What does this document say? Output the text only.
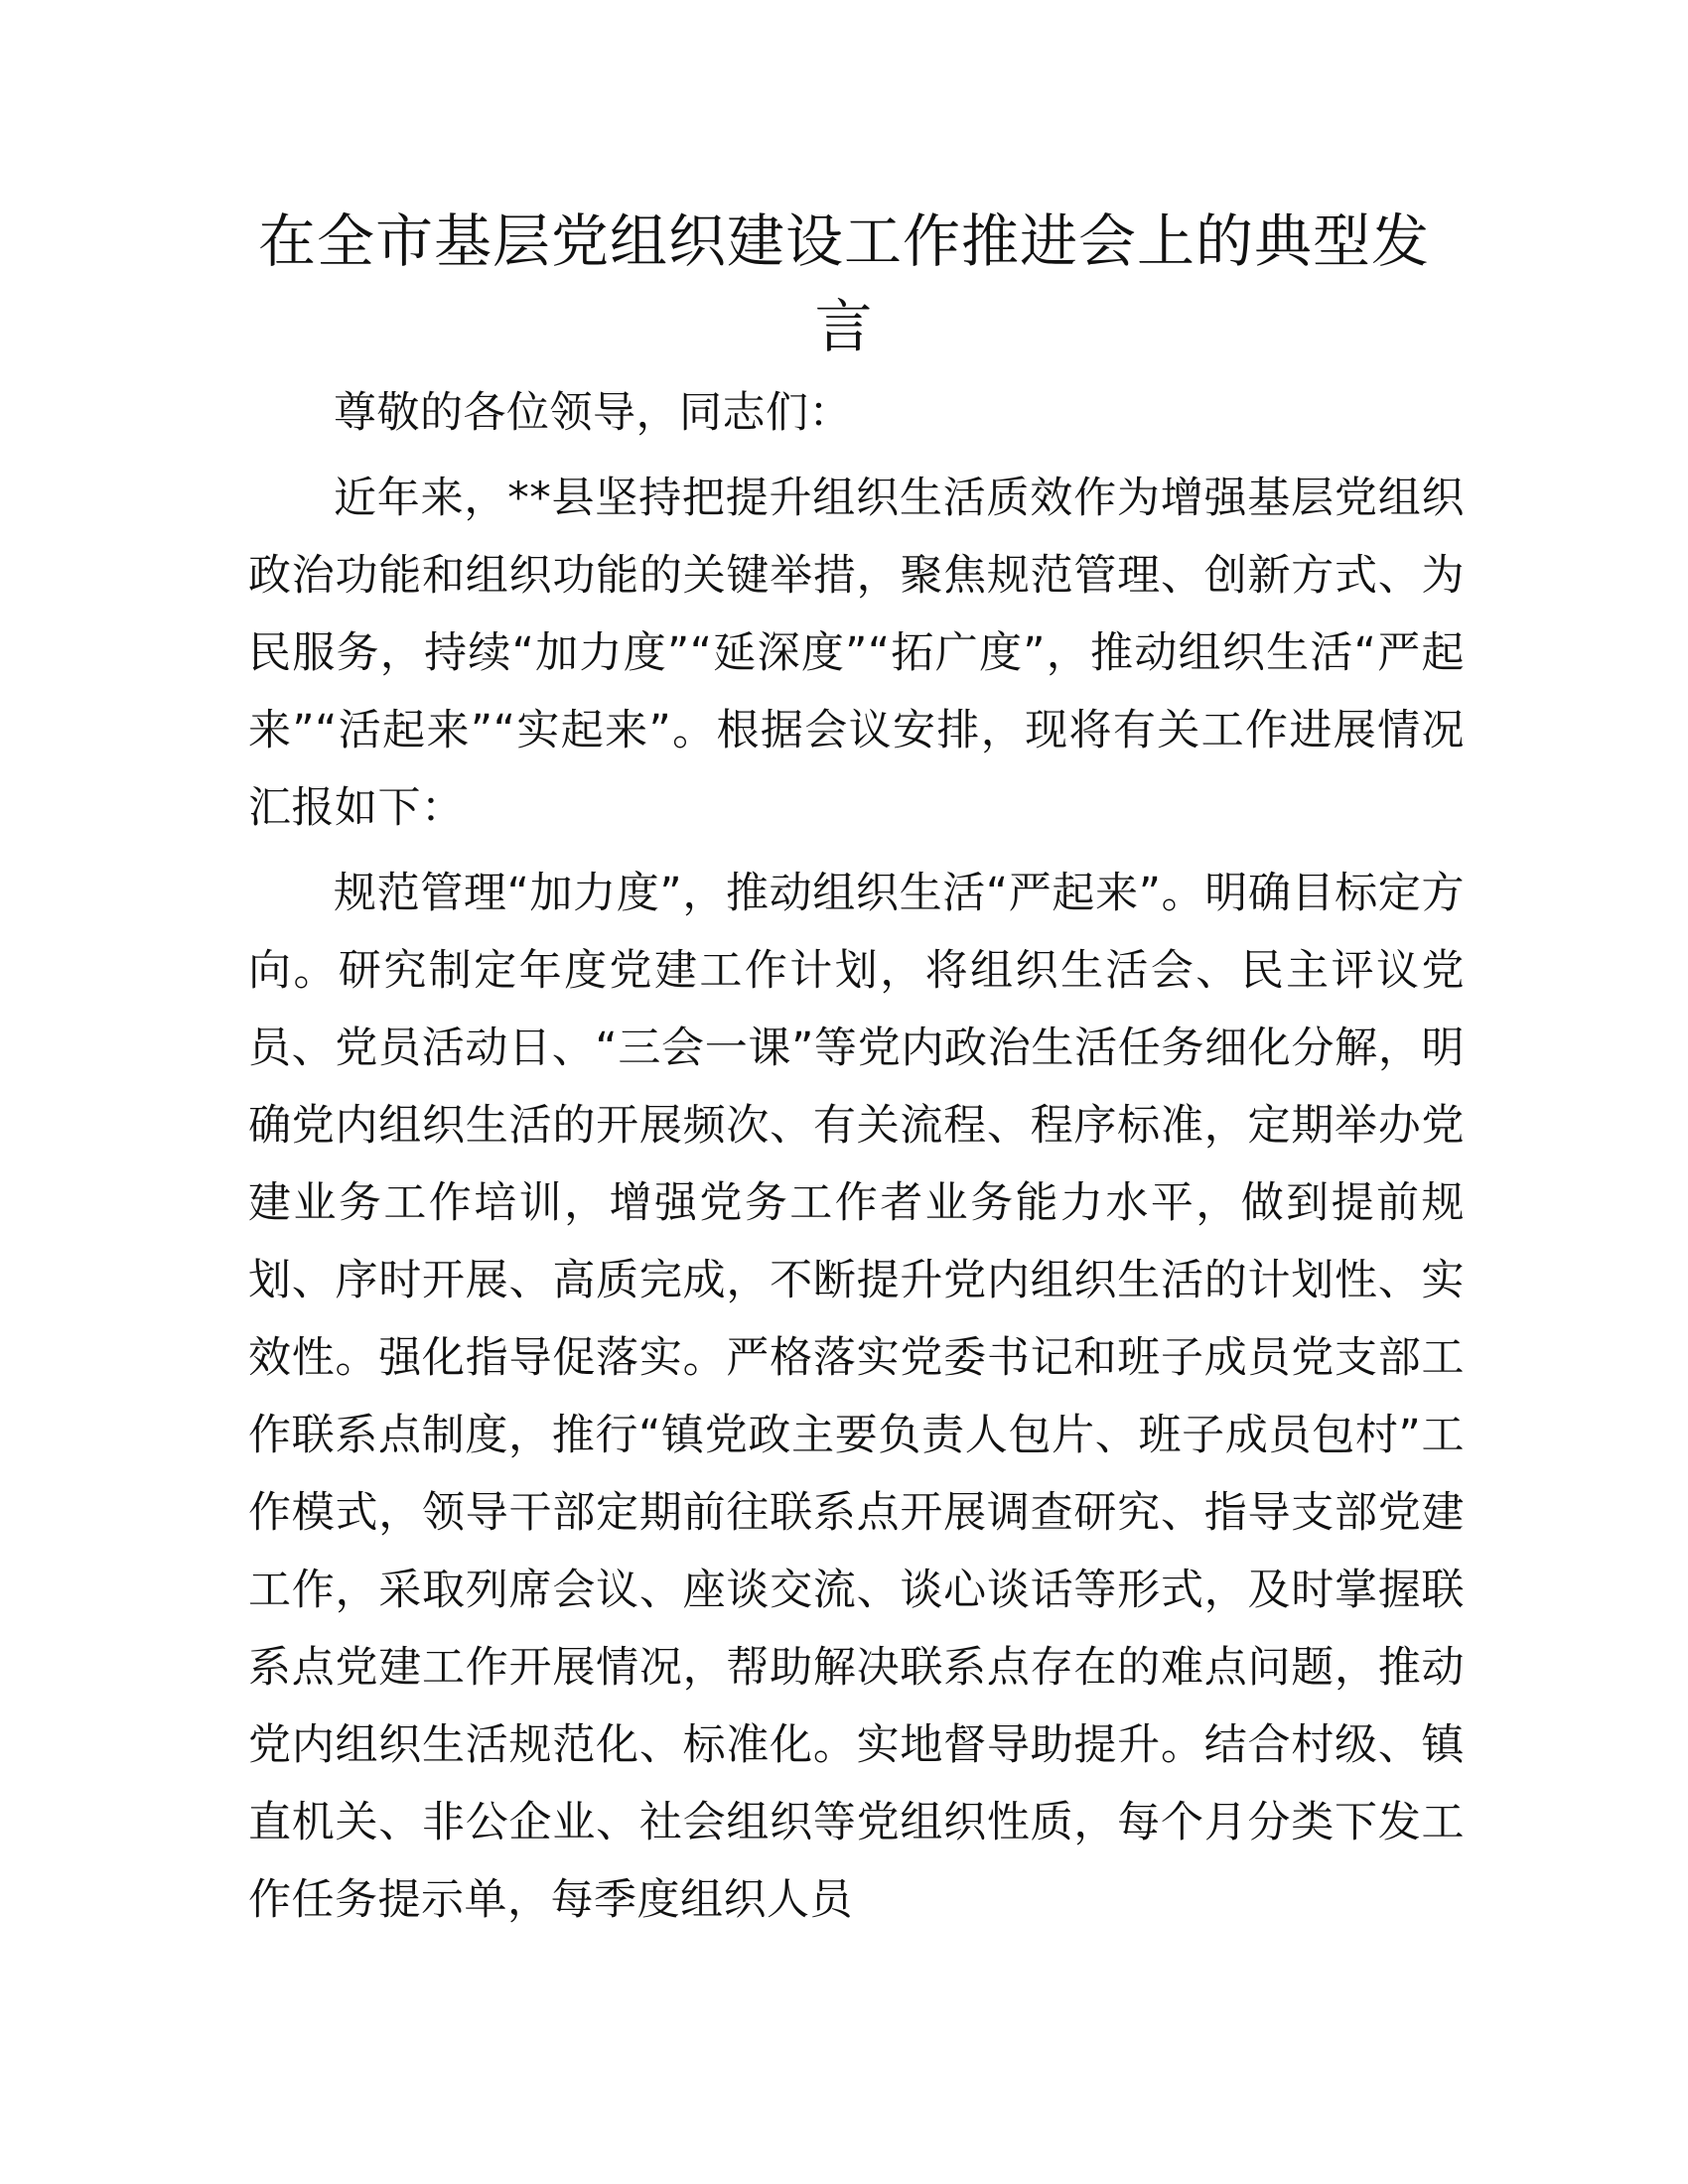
在全市基层党组织建设工作推进会上的典型发言

尊敬的各位领导，同志们：

近年来，**县坚持把提升组织生活质效作为增强基层党组织政治功能和组织功能的关键举措，聚焦规范管理、创新方式、为民服务，持续“加力度”“延深度”“拓广度”，推动组织生活“严起来”“活起来”“实起来”。根据会议安排，现将有关工作进展情况汇报如下：

规范管理“加力度”，推动组织生活“严起来”。明确目标定方向。研究制定年度党建工作计划，将组织生活会、民主评议党员、党员活动日、“三会一课”等党内政治生活任务细化分解，明确党内组织生活的开展频次、有关流程、程序标准，定期举办党建业务工作培训，增强党务工作者业务能力水平，做到提前规划、序时开展、高质完成，不断提升党内组织生活的计划性、实效性。强化指导促落实。严格落实党委书记和班子成员党支部工作联系点制度，推行“镇党政主要负责人包片、班子成员包村”工作模式，领导干部定期前往联系点开展调查研究、指导支部党建工作，采取列席会议、座谈交流、谈心谈话等形式，及时掌握联系点党建工作开展情况，帮助解决联系点存在的难点问题，推动党内组织生活规范化、标准化。实地督导助提升。结合村级、镇直机关、非公企业、社会组织等党组织性质，每个月分类下发工作任务提示单，每季度组织人员
